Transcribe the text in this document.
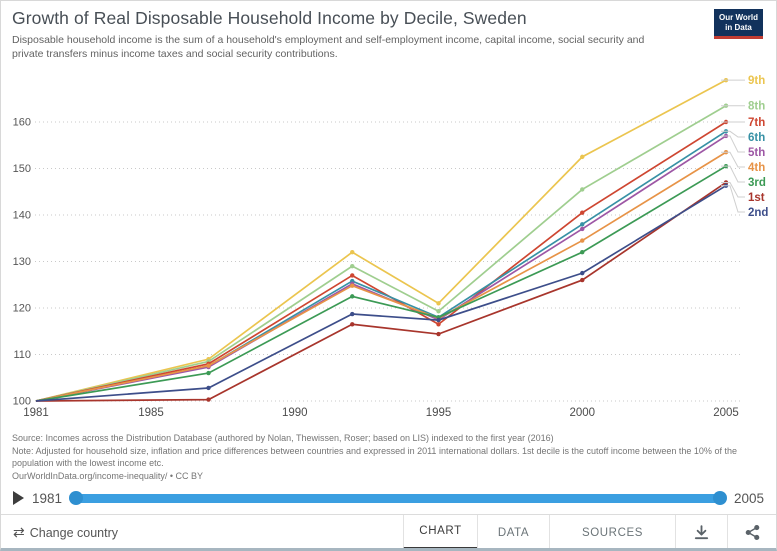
Growth of Real Disposable Household Income by Decile, Sweden

Disposable household income is the sum of a household's employment and self-employment income, capital income, social security and private transfers minus income taxes and social security contributions.

Our World
in Data
100
110
120
130
140
150
160
1981	1985	1990	1995	2000	2005
9th
8th
7th
6th
5th
4th
3rd
1st
2nd

Source: Incomes across the Distribution Database (authored by Nolan, Thewissen, Roser; based on LIS) indexed to the first year (2016)

Note: Adjusted for household size, inflation and price differences between countries and expressed in 2011 international dollars. 1st decile is the cutoff income between the 10% of the population with the lowest income etc.

OurWorldInData.org/income-inequality/ • CC BY

1981	2005
⇄ Change country	CHART	DATA	SOURCES
